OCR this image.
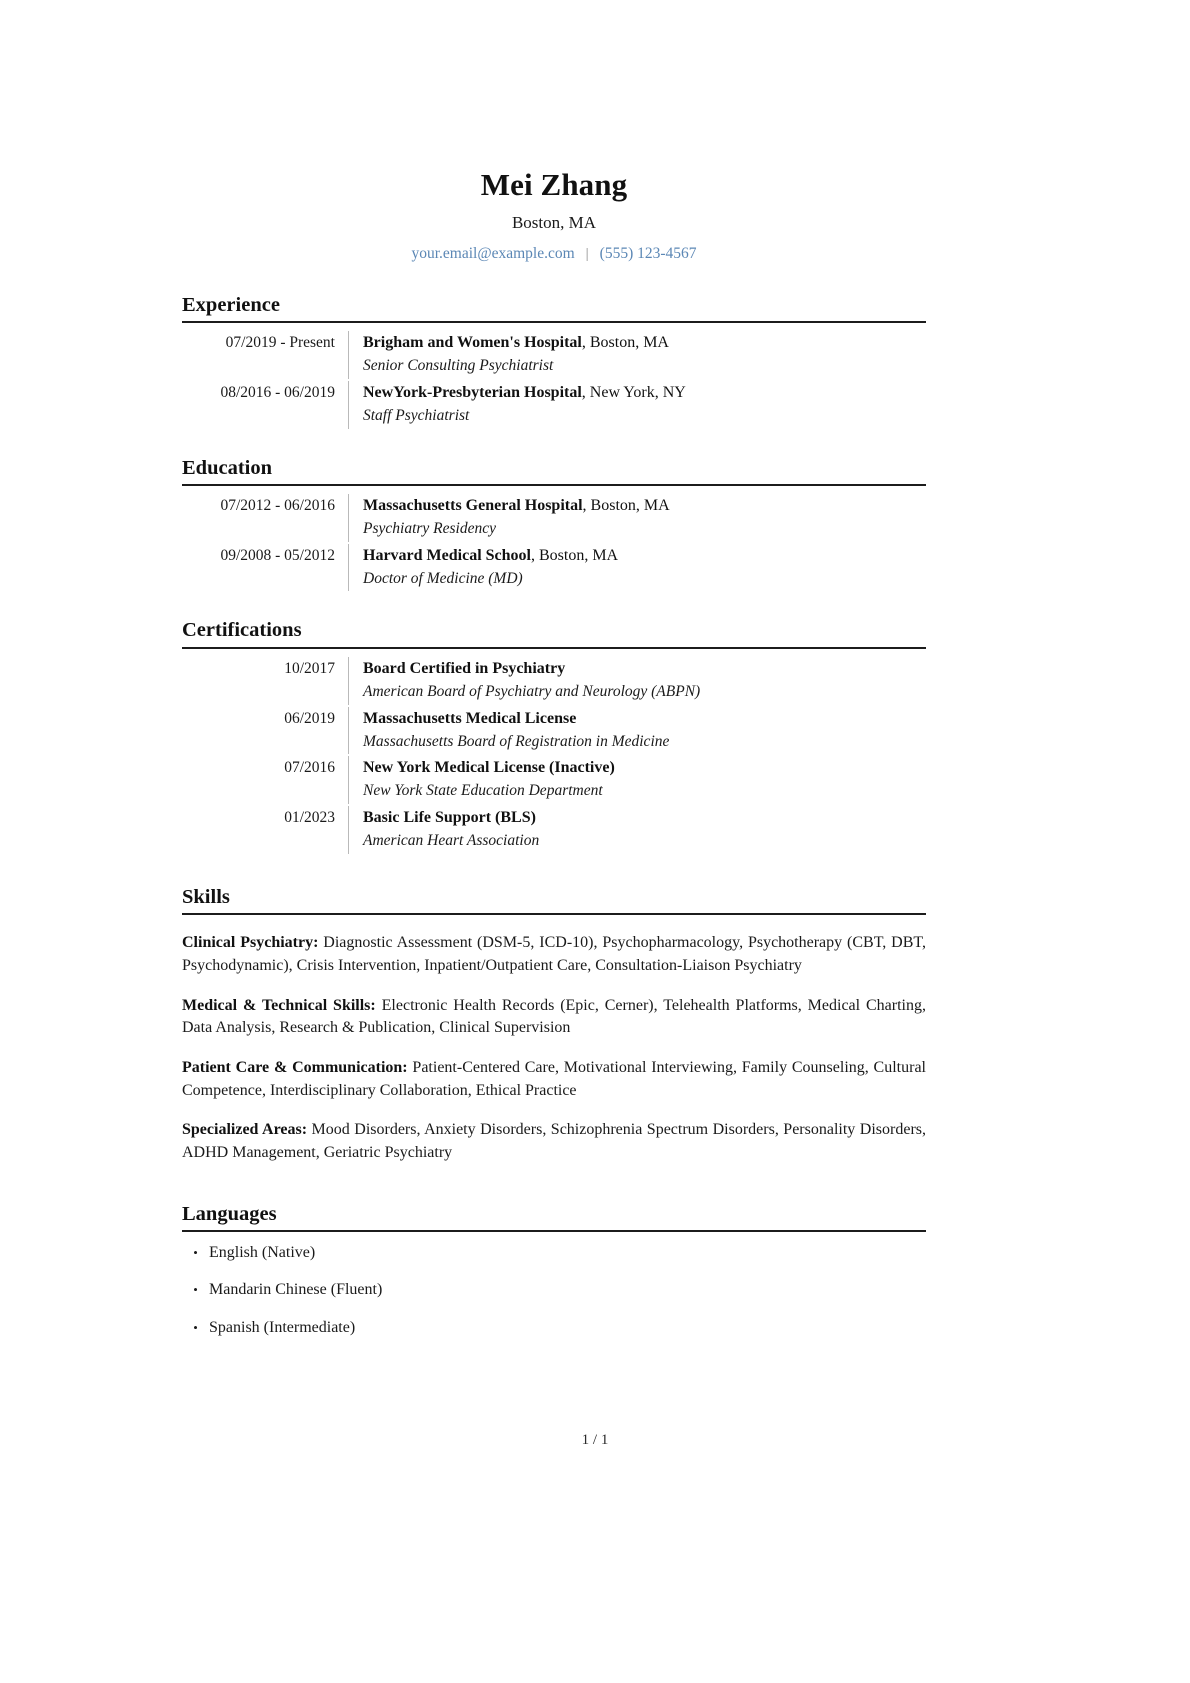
Mei Zhang
Boston, MA
your.email@example.com | (555) 123-4567
Experience
07/2019 - Present	Brigham and Women's Hospital, Boston, MA
Senior Consulting Psychiatrist
08/2016 - 06/2019	NewYork-Presbyterian Hospital, New York, NY
Staff Psychiatrist
Education
07/2012 - 06/2016	Massachusetts General Hospital, Boston, MA
Psychiatry Residency
09/2008 - 05/2012	Harvard Medical School, Boston, MA
Doctor of Medicine (MD)
Certifications
10/2017	Board Certified in Psychiatry
American Board of Psychiatry and Neurology (ABPN)
06/2019	Massachusetts Medical License
Massachusetts Board of Registration in Medicine
07/2016	New York Medical License (Inactive)
New York State Education Department
01/2023	Basic Life Support (BLS)
American Heart Association
Skills
Clinical Psychiatry: Diagnostic Assessment (DSM-5, ICD-10), Psychopharmacology, Psychotherapy (CBT, DBT, Psychodynamic), Crisis Intervention, Inpatient/Outpatient Care, Consultation-Liaison Psychiatry
Medical & Technical Skills: Electronic Health Records (Epic, Cerner), Telehealth Platforms, Medical Charting, Data Analysis, Research & Publication, Clinical Supervision
Patient Care & Communication: Patient-Centered Care, Motivational Interviewing, Family Counseling, Cultural Competence, Interdisciplinary Collaboration, Ethical Practice
Specialized Areas: Mood Disorders, Anxiety Disorders, Schizophrenia Spectrum Disorders, Personality Disorders, ADHD Management, Geriatric Psychiatry
Languages
• English (Native)
• Mandarin Chinese (Fluent)
• Spanish (Intermediate)
1 / 1
